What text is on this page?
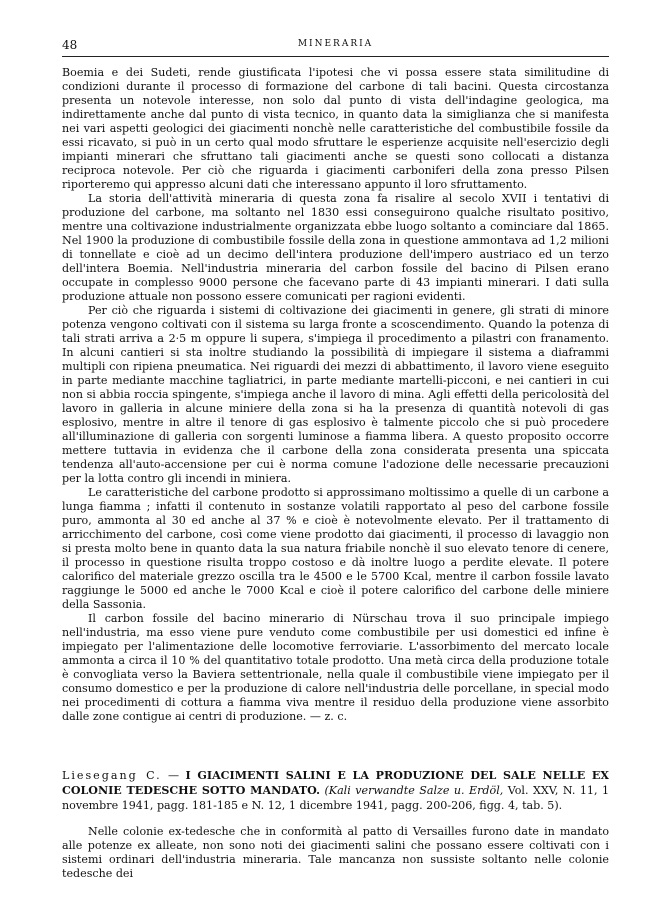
48	MINERARIA

Boemia e dei Sudeti, rende giustificata l'ipotesi che vi possa essere stata similitudine di condizioni durante il processo di formazione del carbone di tali bacini. Questa circostanza presenta un notevole interesse, non solo dal punto di vista dell'indagine geologica, ma indirettamente anche dal punto di vista tecnico, in quanto data la simiglianza che si manifesta nei vari aspetti geologici dei giacimenti nonchè nelle caratteristiche del combustibile fossile da essi ricavato, si può in un certo qual modo sfruttare le esperienze acquisite nell'esercizio degli impianti minerari che sfruttano tali giacimenti anche se questi sono collocati a distanza reciproca notevole. Per ciò che riguarda i giacimenti carboniferi della zona presso Pilsen riporteremo qui appresso alcuni dati che interessano appunto il loro sfruttamento.

La storia dell'attività mineraria di questa zona fa risalire al secolo XVII i tentativi di produzione del carbone, ma soltanto nel 1830 essi conseguirono qualche risultato positivo, mentre una coltivazione industrialmente organizzata ebbe luogo soltanto a cominciare dal 1865. Nel 1900 la produzione di combustibile fossile della zona in questione ammontava ad 1,2 milioni di tonnellate e cioè ad un decimo dell'intera produzione dell'impero austriaco ed un terzo dell'intera Boemia. Nell'industria mineraria del carbon fossile del bacino di Pilsen erano occupate in complesso 9000 persone che facevano parte di 43 impianti minerari. I dati sulla produzione attuale non possono essere comunicati per ragioni evidenti.

Per ciò che riguarda i sistemi di coltivazione dei giacimenti in genere, gli strati di minore potenza vengono coltivati con il sistema su larga fronte a scoscendimento. Quando la potenza di tali strati arriva a 2·5 m oppure li supera, s'impiega il procedimento a pilastri con franamento. In alcuni cantieri si sta inoltre studiando la possibilità di impiegare il sistema a diaframmi multipli con ripiena pneumatica. Nei riguardi dei mezzi di abbattimento, il lavoro viene eseguito in parte mediante macchine tagliatrici, in parte mediante martelli-picconi, e nei cantieri in cui non si abbia roccia spingente, s'impiega anche il lavoro di mina. Agli effetti della pericolosità del lavoro in galleria in alcune miniere della zona si ha la presenza di quantità notevoli di gas esplosivo, mentre in altre il tenore di gas esplosivo è talmente piccolo che si può procedere all'illuminazione di galleria con sorgenti luminose a fiamma libera. A questo proposito occorre mettere tuttavia in evidenza che il carbone della zona considerata presenta una spiccata tendenza all'auto-accensione per cui è norma comune l'adozione delle necessarie precauzioni per la lotta contro gli incendi in miniera.

Le caratteristiche del carbone prodotto si approssimano moltissimo a quelle di un carbone a lunga fiamma ; infatti il contenuto in sostanze volatili rapportato al peso del carbone fossile puro, ammonta al 30 ed anche al 37 % e cioè è notevolmente elevato. Per il trattamento di arricchimento del carbone, così come viene prodotto dai giacimenti, il processo di lavaggio non si presta molto bene in quanto data la sua natura friabile nonchè il suo elevato tenore di cenere, il processo in questione risulta troppo costoso e dà inoltre luogo a perdite elevate. Il potere calorifico del materiale grezzo oscilla tra le 4500 e le 5700 Kcal, mentre il carbon fossile lavato raggiunge le 5000 ed anche le 7000 Kcal e cioè il potere calorifico del carbone delle miniere della Sassonia.

Il carbon fossile del bacino minerario di Nürschau trova il suo principale impiego nell'industria, ma esso viene pure venduto come combustibile per usi domestici ed infine è impiegato per l'alimentazione delle locomotive ferroviarie. L'assorbimento del mercato locale ammonta a circa il 10 % del quantitativo totale prodotto. Una metà circa della produzione totale è convogliata verso la Baviera settentrionale, nella quale il combustibile viene impiegato per il consumo domestico e per la produzione di calore nell'industria delle porcellane, in special modo nei procedimenti di cottura a fiamma viva mentre il residuo della produzione viene assorbito dalle zone contigue ai centri di produzione. — z. c.

Liesegang C. — I GIACIMENTI SALINI E LA PRODUZIONE DEL SALE NELLE EX COLONIE TEDESCHE SOTTO MANDATO. (Kali verwandte Salze u. Erdöl, Vol. XXV, N. 11, 1 novembre 1941, pagg. 181-185 e N. 12, 1 dicembre 1941, pagg. 200-206, figg. 4, tab. 5).

Nelle colonie ex-tedesche che in conformità al patto di Versailles furono date in mandato alle potenze ex alleate, non sono noti dei giacimenti salini che possano essere coltivati con i sistemi ordinari dell'industria mineraria. Tale mancanza non sussiste soltanto nelle colonie tedesche dei
